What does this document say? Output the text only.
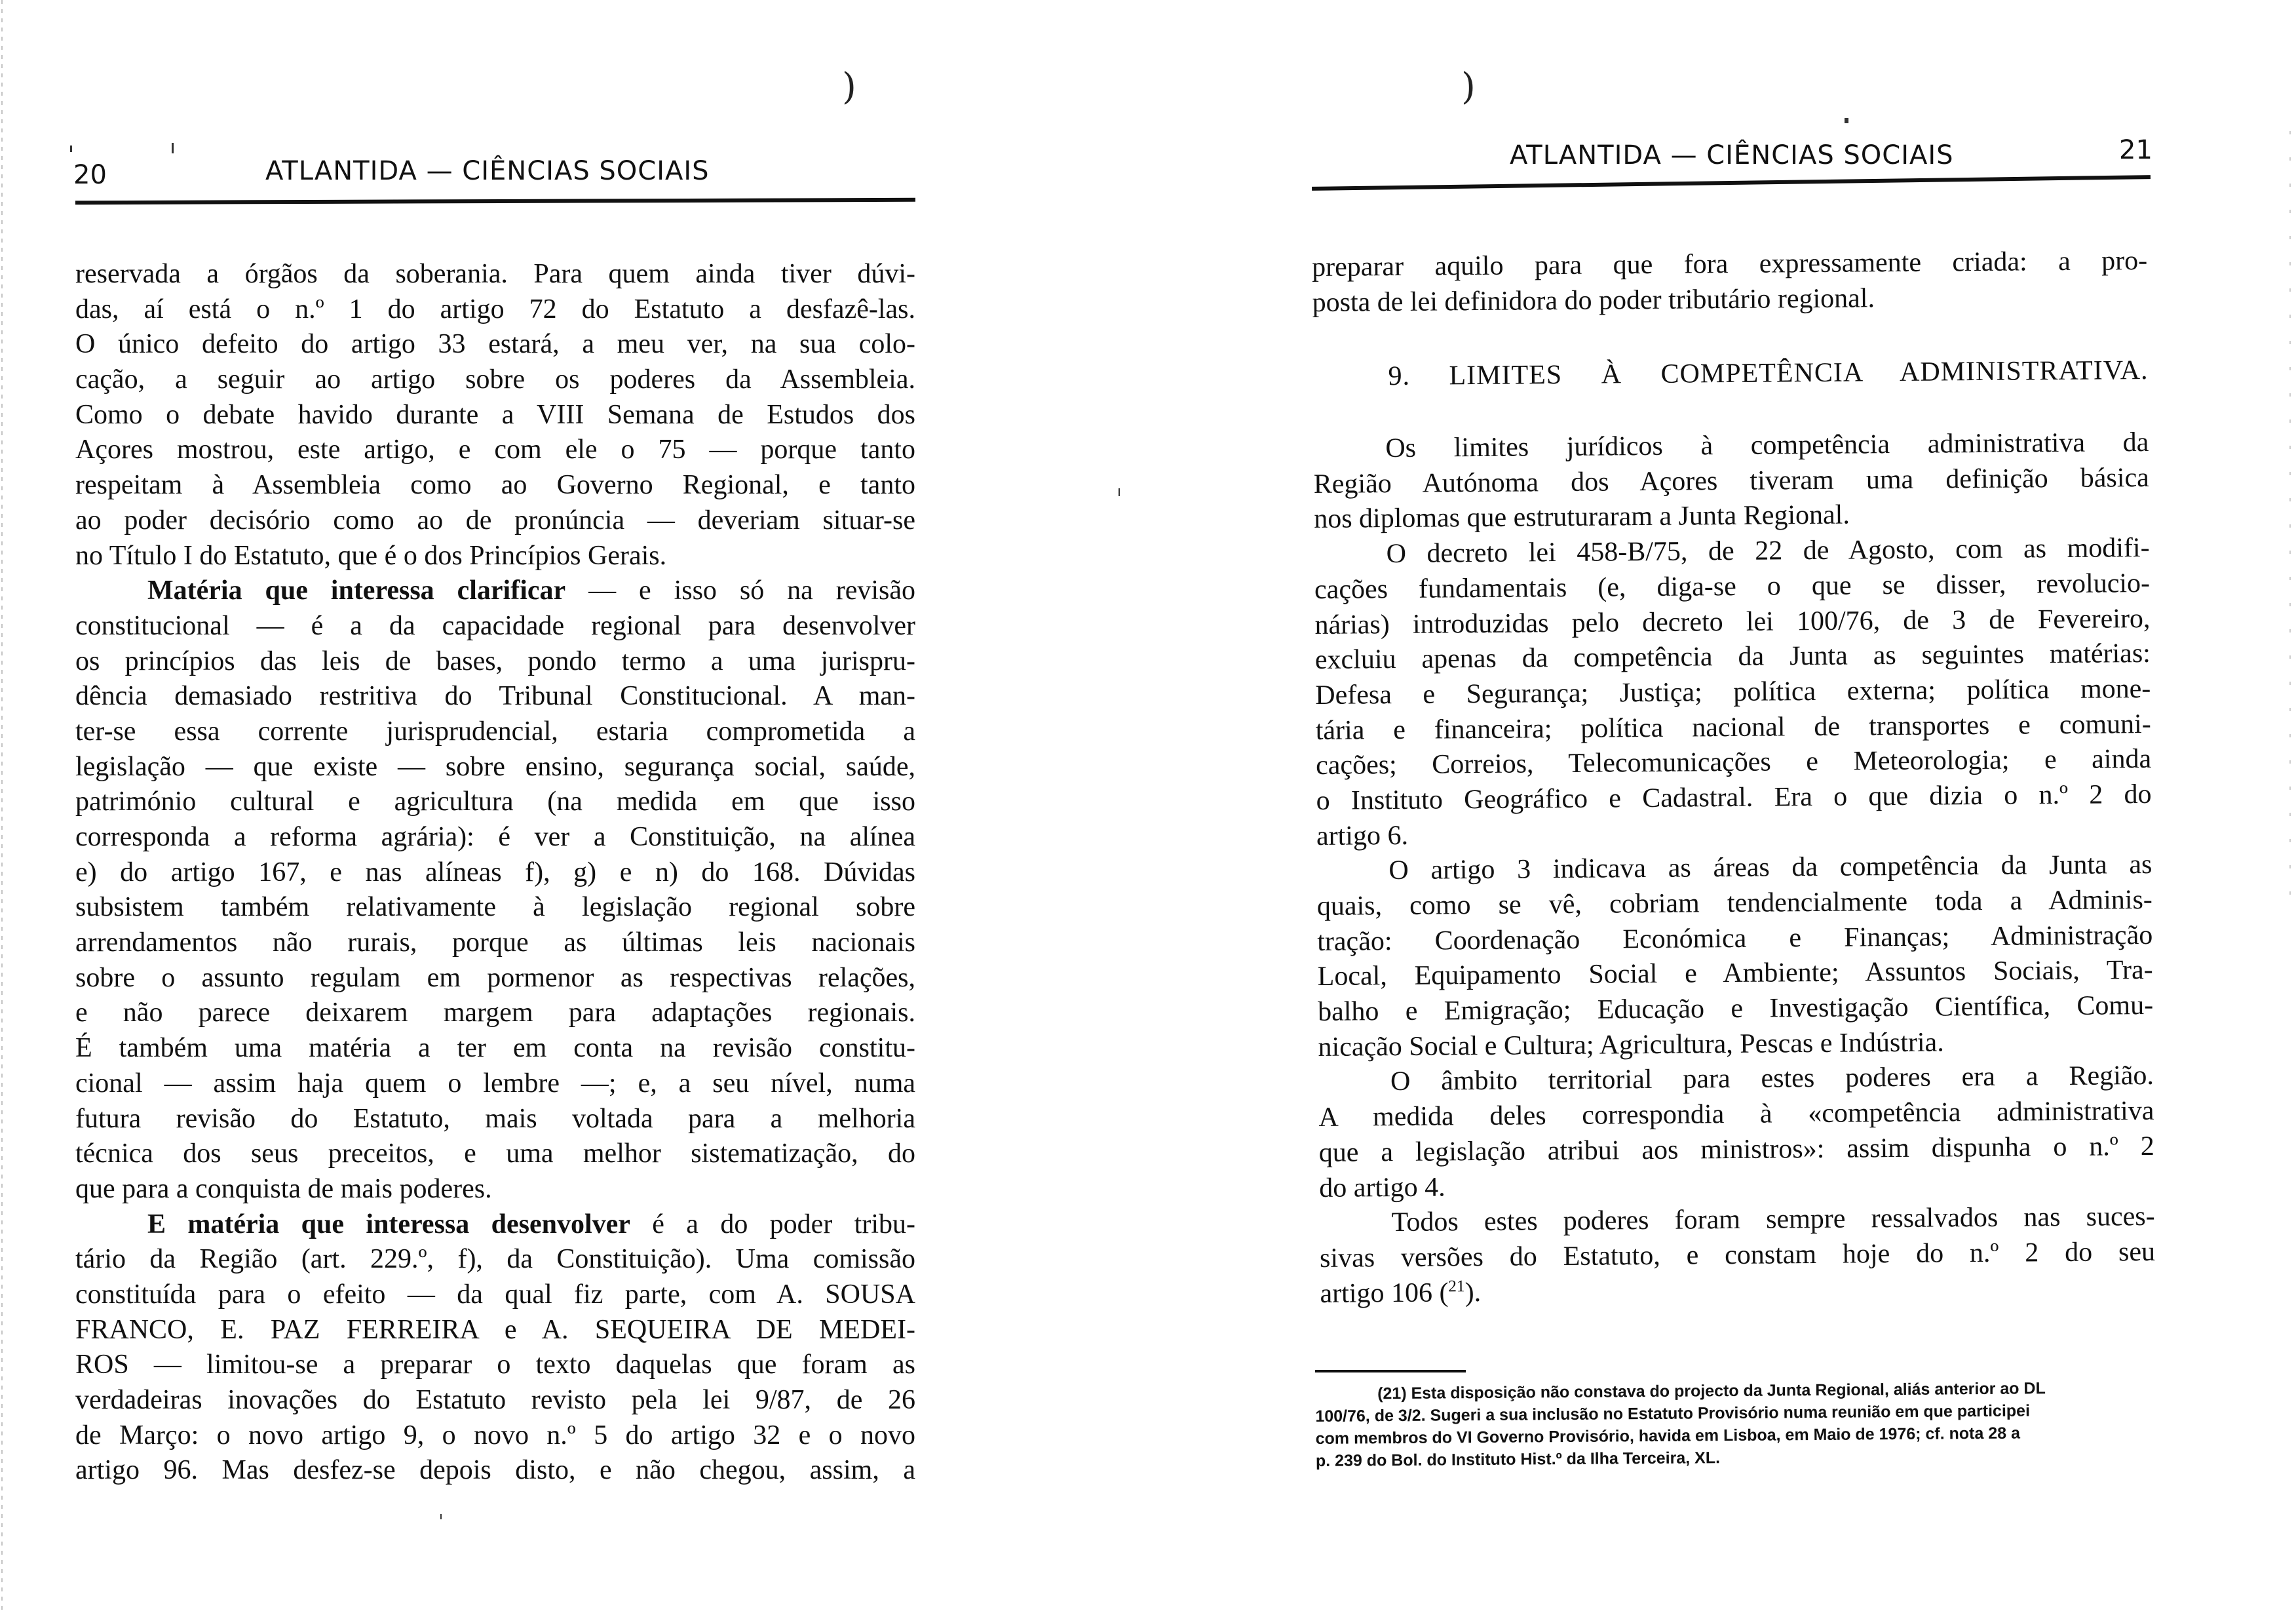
)
20	ATLANTIDA — CIÊNCIAS SOCIAIS
reservada a órgãos da soberania. Para quem ainda tiver dúvi-
das, aí está o n.º 1 do artigo 72 do Estatuto a desfazê-las.
O único defeito do artigo 33 estará, a meu ver, na sua colo-
cação, a seguir ao artigo sobre os poderes da Assembleia.
Como o debate havido durante a VIII Semana de Estudos dos
Açores mostrou, este artigo, e com ele o 75 — porque tanto
respeitam à Assembleia como ao Governo Regional, e tanto
ao poder decisório como ao de pronúncia — deveriam situar-se
no Título I do Estatuto, que é o dos Princípios Gerais.
Matéria que interessa clarificar — e isso só na revisão
constitucional — é a da capacidade regional para desenvolver
os princípios das leis de bases, pondo termo a uma jurispru-
dência demasiado restritiva do Tribunal Constitucional. A man-
ter-se essa corrente jurisprudencial, estaria comprometida a
legislação — que existe — sobre ensino, segurança social, saúde,
património cultural e agricultura (na medida em que isso
corresponda a reforma agrária): é ver a Constituição, na alínea
e) do artigo 167, e nas alíneas f), g) e n) do 168. Dúvidas
subsistem também relativamente à legislação regional sobre
arrendamentos não rurais, porque as últimas leis nacionais
sobre o assunto regulam em pormenor as respectivas relações,
e não parece deixarem margem para adaptações regionais.
É também uma matéria a ter em conta na revisão constitu-
cional — assim haja quem o lembre —; e, a seu nível, numa
futura revisão do Estatuto, mais voltada para a melhoria
técnica dos seus preceitos, e uma melhor sistematização, do
que para a conquista de mais poderes.
E matéria que interessa desenvolver é a do poder tribu-
tário da Região (art. 229.º, f), da Constituição). Uma comissão
constituída para o efeito — da qual fiz parte, com A. SOUSA
FRANCO, E. PAZ FERREIRA e A. SEQUEIRA DE MEDEI-
ROS — limitou-se a preparar o texto daquelas que foram as
verdadeiras inovações do Estatuto revisto pela lei 9/87, de 26
de Março: o novo artigo 9, o novo n.º 5 do artigo 32 e o novo
artigo 96. Mas desfez-se depois disto, e não chegou, assim, a
)
ATLANTIDA — CIÊNCIAS SOCIAIS	21
preparar aquilo para que fora expressamente criada: a pro-
posta de lei definidora do poder tributário regional.
9. LIMITES À COMPETÊNCIA ADMINISTRATIVA.
Os limites jurídicos à competência administrativa da
Região Autónoma dos Açores tiveram uma definição básica
nos diplomas que estruturaram a Junta Regional.
O decreto lei 458-B/75, de 22 de Agosto, com as modifi-
cações fundamentais (e, diga-se o que se disser, revolucio-
nárias) introduzidas pelo decreto lei 100/76, de 3 de Fevereiro,
excluiu apenas da competência da Junta as seguintes matérias:
Defesa e Segurança; Justiça; política externa; política mone-
tária e financeira; política nacional de transportes e comuni-
cações; Correios, Telecomunicações e Meteorologia; e ainda
o Instituto Geográfico e Cadastral. Era o que dizia o n.º 2 do
artigo 6.
O artigo 3 indicava as áreas da competência da Junta as
quais, como se vê, cobriam tendencialmente toda a Adminis-
tração: Coordenação Económica e Finanças; Administração
Local, Equipamento Social e Ambiente; Assuntos Sociais, Tra-
balho e Emigração; Educação e Investigação Científica, Comu-
nicação Social e Cultura; Agricultura, Pescas e Indústria.
O âmbito territorial para estes poderes era a Região.
A medida deles correspondia à «competência administrativa
que a legislação atribui aos ministros»: assim dispunha o n.º 2
do artigo 4.
Todos estes poderes foram sempre ressalvados nas suces-
sivas versões do Estatuto, e constam hoje do n.º 2 do seu
artigo 106 ($^{21}$).
(21) Esta disposição não constava do projecto da Junta Regional, aliás anterior ao DL
100/76, de 3/2. Sugeri a sua inclusão no Estatuto Provisório numa reunião em que participei
com membros do VI Governo Provisório, havida em Lisboa, em Maio de 1976; cf. nota 28 a
p. 239 do Bol. do Instituto Hist.º da Ilha Terceira, XL.
